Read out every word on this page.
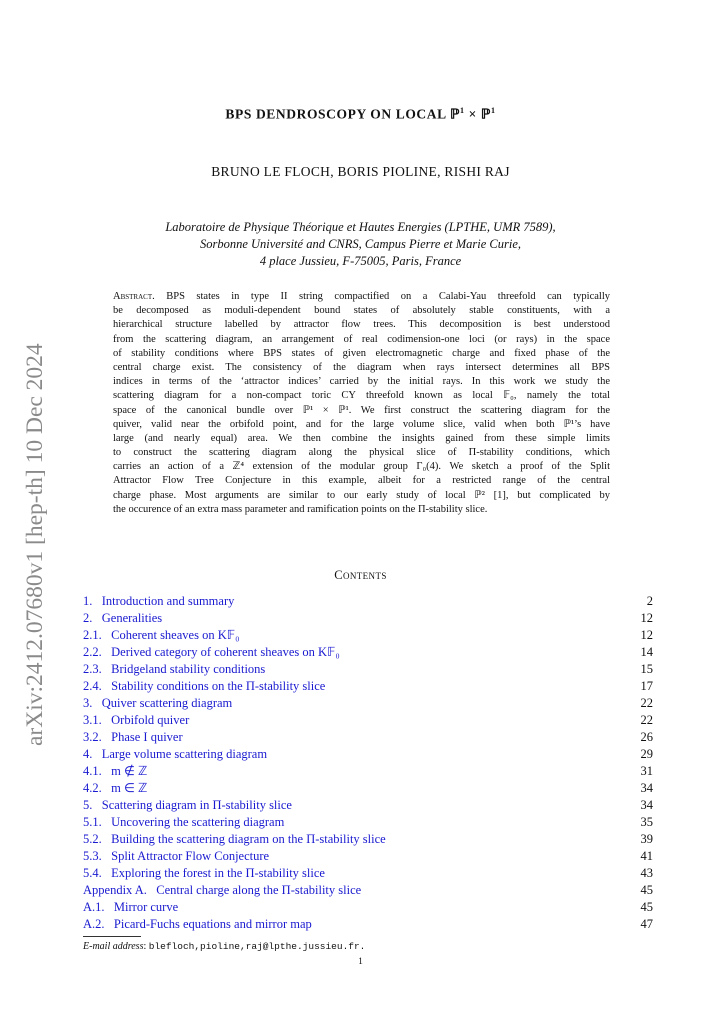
arXiv:2412.07680v1 [hep-th] 10 Dec 2024
BPS DENDROSCOPY ON LOCAL ℙ$^1$ × ℙ$^1$
BRUNO LE FLOCH, BORIS PIOLINE, RISHI RAJ
Laboratoire de Physique Théorique et Hautes Energies (LPTHE, UMR 7589),
Sorbonne Université and CNRS, Campus Pierre et Marie Curie,
4 place Jussieu, F-75005, Paris, France
Abstract. BPS states in type II string compactified on a Calabi-Yau threefold can typically
be decomposed as moduli-dependent bound states of absolutely stable constituents, with a
hierarchical structure labelled by attractor flow trees. This decomposition is best understood
from the scattering diagram, an arrangement of real codimension-one loci (or rays) in the space
of stability conditions where BPS states of given electromagnetic charge and fixed phase of the
central charge exist. The consistency of the diagram when rays intersect determines all BPS
indices in terms of the ‘attractor indices’ carried by the initial rays. In this work we study the
scattering diagram for a non-compact toric CY threefold known as local 𝔽₀, namely the total
space of the canonical bundle over ℙ¹ × ℙ¹. We first construct the scattering diagram for the
quiver, valid near the orbifold point, and for the large volume slice, valid when both ℙ¹’s have
large (and nearly equal) area. We then combine the insights gained from these simple limits
to construct the scattering diagram along the physical slice of Π-stability conditions, which
carries an action of a ℤ⁴ extension of the modular group Γ₀(4). We sketch a proof of the Split
Attractor Flow Tree Conjecture in this example, albeit for a restricted range of the central
charge phase. Most arguments are similar to our early study of local ℙ² [1], but complicated by
the occurence of an extra mass parameter and ramification points on the Π-stability slice.
Contents
1.   Introduction and summary	2
2.   Generalities	12
2.1.   Coherent sheaves on K𝔽₀	12
2.2.   Derived category of coherent sheaves on K𝔽₀	14
2.3.   Bridgeland stability conditions	15
2.4.   Stability conditions on the Π-stability slice	17
3.   Quiver scattering diagram	22
3.1.   Orbifold quiver	22
3.2.   Phase I quiver	26
4.   Large volume scattering diagram	29
4.1.   m ∉ ℤ	31
4.2.   m ∈ ℤ	34
5.   Scattering diagram in Π-stability slice	34
5.1.   Uncovering the scattering diagram	35
5.2.   Building the scattering diagram on the Π-stability slice	39
5.3.   Split Attractor Flow Conjecture	41
5.4.   Exploring the forest in the Π-stability slice	43
Appendix A.   Central charge along the Π-stability slice	45
A.1.   Mirror curve	45
A.2.   Picard-Fuchs equations and mirror map	47
E-mail address: blefloch,pioline,raj@lpthe.jussieu.fr.
1
